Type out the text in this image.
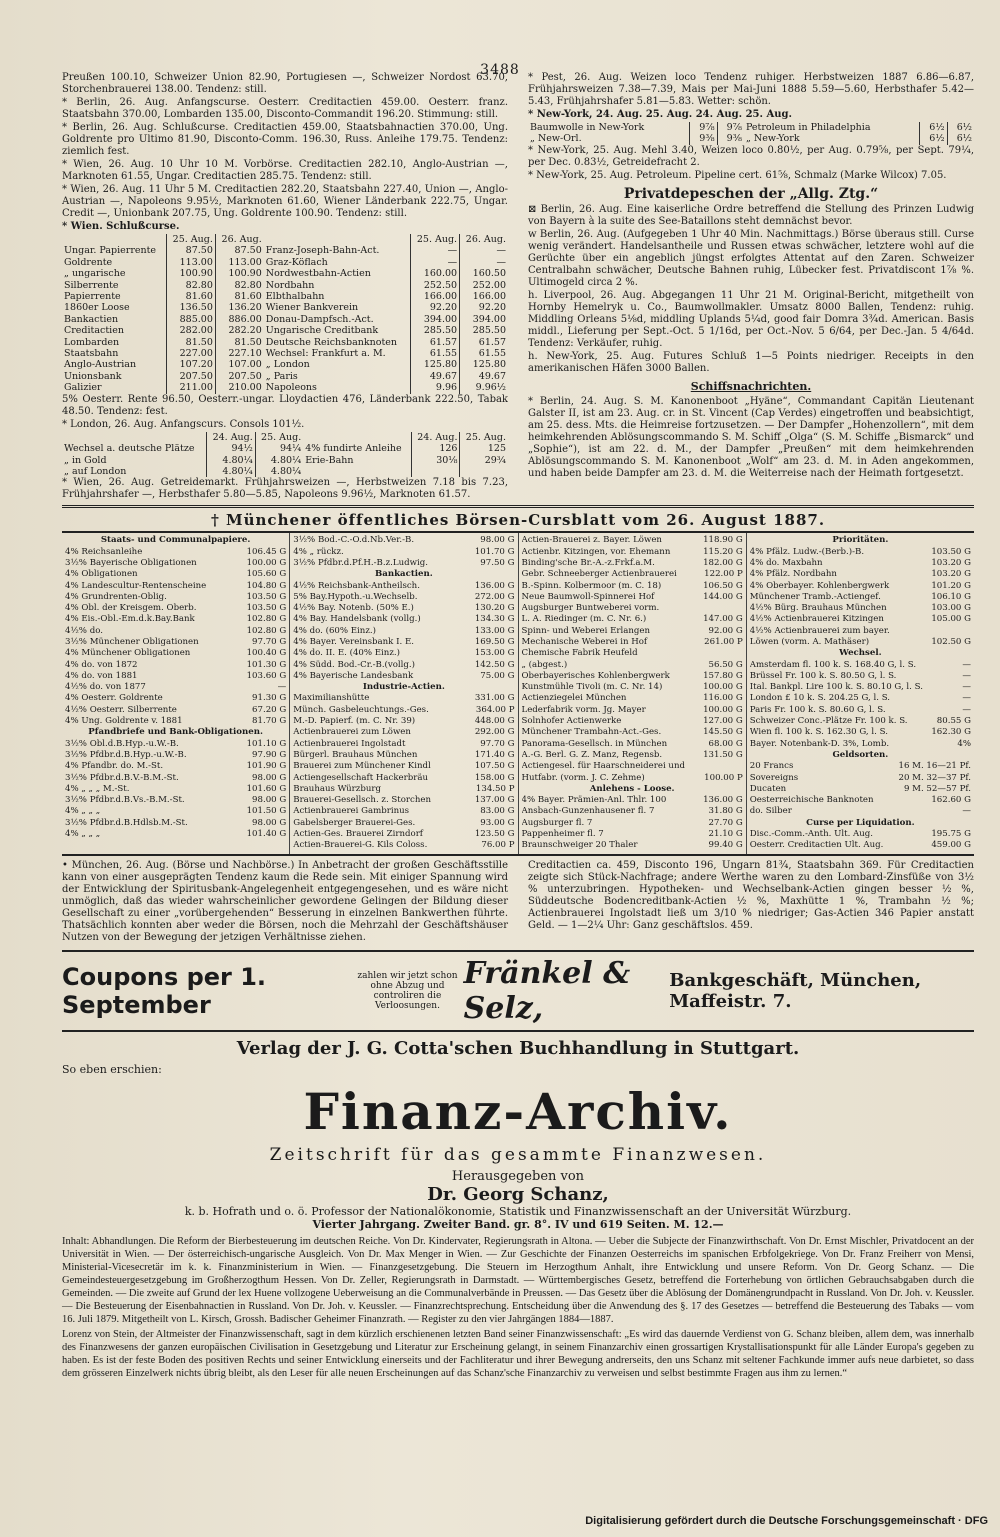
3488

Preußen 100.10, Schweizer Union 82.90, Portugiesen —, Schweizer Nordost 63.70, Storchenbrauerei 138.00. Tendenz: still.

* Berlin, 26. Aug. Anfangscurse. Oesterr. Creditactien 459.00. Oesterr. franz. Staatsbahn 370.00, Lombarden 135.00, Disconto-Commandit 196.20. Stimmung: still.

* Berlin, 26. Aug. Schlußcurse. Creditactien 459.00, Staatsbahnactien 370.00, Ung. Goldrente pro Ultimo 81.90, Disconto-Comm. 196.30, Russ. Anleihe 179.75. Tendenz: ziemlich fest.

* Wien, 26. Aug. 10 Uhr 10 M. Vorbörse. Creditactien 282.10, Anglo-Austrian —, Marknoten 61.55, Ungar. Creditactien 285.75. Tendenz: still.

* Wien, 26. Aug. 11 Uhr 5 M. Creditactien 282.20, Staatsbahn 227.40, Union —, Anglo-Austrian —, Napoleons 9.95½, Marknoten 61.60, Wiener Länderbank 222.75, Ungar. Credit —, Unionbank 207.75, Ung. Goldrente 100.90. Tendenz: still.

* Wien. Schlußcurse.

	25. Aug.	26. Aug.		25. Aug.	26. Aug.
Ungar. Papierrente	87.50	87.50	Franz-Joseph-Bahn-Act.	—	—
Goldrente	113.00	113.00	Graz-Köflach	—	—
„ ungarische	100.90	100.90	Nordwestbahn-Actien	160.00	160.50
Silberrente	82.80	82.80	Nordbahn	252.50	252.00
Papierrente	81.60	81.60	Elbthalbahn	166.00	166.00
1860er Loose	136.50	136.20	Wiener Bankverein	92.20	92.20
Bankactien	885.00	886.00	Donau-Dampfsch.-Act.	394.00	394.00
Creditactien	282.00	282.20	Ungarische Creditbank	285.50	285.50
Lombarden	81.50	81.50	Deutsche Reichsbanknoten	61.57	61.57
Staatsbahn	227.00	227.10	Wechsel: Frankfurt a. M.	61.55	61.55
Anglo-Austrian	107.20	107.00	„ London	125.80	125.80
Unionsbank	207.50	207.50	„ Paris	49.67	49.67
Galizier	211.00	210.00	Napoleons	9.96	9.96½

5% Oesterr. Rente 96.50, Oesterr.-ungar. Lloydactien 476, Länderbank 222.50, Tabak 48.50. Tendenz: fest.

* London, 26. Aug. Anfangscurs. Consols 101½.

	24. Aug.	25. Aug.		24. Aug.	25. Aug.
Wechsel a. deutsche Plätze	94½	94¼	4% fundirte Anleihe	126	125
„ in Gold	4.80¼	4.80¼	Erie-Bahn	30⅛	29¾
„ auf London	4.80¼	4.80¼			

* Wien, 26. Aug. Getreidemarkt. Frühjahrsweizen —, Herbstweizen 7.18 bis 7.23, Frühjahrshafer —, Herbsthafer 5.80—5.85, Napoleons 9.96½, Marknoten 61.57.

* Pest, 26. Aug. Weizen loco Tendenz ruhiger. Herbstweizen 1887 6.86—6.87, Frühjahrsweizen 7.38—7.39, Mais per Mai-Juni 1888 5.59—5.60, Herbsthafer 5.42—5.43, Frühjahrshafer 5.81—5.83. Wetter: schön.

* New-York, 24. Aug. 25. Aug. 24. Aug. 25. Aug.

Baumwolle in New-York	9⅞	9⅞	Petroleum in Philadelphia	6½	6½
„ New-Orl.	9⅜	9⅜	„ New-York	6½	6½

* New-York, 25. Aug. Mehl 3.40, Weizen loco 0.80½, per Aug. 0.79⅝, per Sept. 79¼, per Dec. 0.83½, Getreidefracht 2.

* New-York, 25. Aug. Petroleum. Pipeline cert. 61⅝, Schmalz (Marke Wilcox) 7.05.

Privatdepeschen der „Allg. Ztg.“

⊠ Berlin, 26. Aug. Eine kaiserliche Ordre betreffend die Stellung des Prinzen Ludwig von Bayern à la suite des See-Bataillons steht demnächst bevor.

w Berlin, 26. Aug. (Aufgegeben 1 Uhr 40 Min. Nachmittags.) Börse überaus still. Curse wenig verändert. Handelsantheile und Russen etwas schwächer, letztere wohl auf die Gerüchte über ein angeblich jüngst erfolgtes Attentat auf den Zaren. Schweizer Centralbahn schwächer, Deutsche Bahnen ruhig, Lübecker fest. Privatdiscont 1⅞ %. Ultimogeld circa 2 %.

h. Liverpool, 26. Aug. Abgegangen 11 Uhr 21 M. Original-Bericht, mitgetheilt von Hornby Hemelryk u. Co., Baumwollmakler. Umsatz 8000 Ballen, Tendenz: ruhig. Middling Orleans 5⅛d, middling Uplands 5¼d, good fair Domra 3¾d. American. Basis middl., Lieferung per Sept.-Oct. 5 1/16d, per Oct.-Nov. 5 6/64, per Dec.-Jan. 5 4/64d. Tendenz: Verkäufer, ruhig.

h. New-York, 25. Aug. Futures Schluß 1—5 Points niedriger. Receipts in den amerikanischen Häfen 3000 Ballen.

Schiffsnachrichten.

* Berlin, 24. Aug. S. M. Kanonenboot „Hyäne“, Commandant Capitän Lieutenant Galster II, ist am 23. Aug. cr. in St. Vincent (Cap Verdes) eingetroffen und beabsichtigt, am 25. dess. Mts. die Heimreise fortzusetzen. — Der Dampfer „Hohenzollern“, mit dem heimkehrenden Ablösungscommando S. M. Schiff „Olga“ (S. M. Schiffe „Bismarck“ und „Sophie“), ist am 22. d. M., der Dampfer „Preußen“ mit dem heimkehrenden Ablösungscommando S. M. Kanonenboot „Wolf“ am 23. d. M. in Aden angekommen, und haben beide Dampfer am 23. d. M. die Weiterreise nach der Heimath fortgesetzt.

† Münchener öffentliches Börsen-Cursblatt vom 26. August 1887.
Staats- und Communalpapiere.
4% Reichsanleihe	106.45 G
3½% Bayerische Obligationen	100.00 G
4% Obligationen	105.60 G
4% Landescultur-Rentenscheine	104.80 G
4% Grundrenten-Oblig.	103.50 G
4% Obl. der Kreisgem. Oberb.	103.50 G
4% Eis.-Obl.-Em.d.k.Bay.Bank	102.80 G
4½% do.	102.80 G
3½% Münchener Obligationen	97.70 G
4% Münchener Obligationen	100.40 G
4% do. von 1872	101.30 G
4% do. von 1881	103.60 G
4½% do. von 1877	—
4% Oesterr. Goldrente	91.30 G
4½% Oesterr. Silberrente	67.20 G
4% Ung. Goldrente v. 1881	81.70 G
Pfandbriefe und Bank-Obligationen.
3½% Obl.d.B.Hyp.-u.W.-B.	101.10 G
3½% Pfdbr.d.B.Hyp.-u.W.-B.	97.90 G
4% Pfandbr. do. M.-St.	101.90 G
3½% Pfdbr.d.B.V.-B.M.-St.	98.00 G
4% „ „ „ M.-St.	101.60 G
3½% Pfdbr.d.B.Vs.-B.M.-St.	98.00 G
4% „ „ „	101.50 G
3½% Pfdbr.d.B.Hdlsb.M.-St.	98.00 G
4% „ „ „	101.40 G
3½% Bod.-C.-O.d.Nb.Ver.-B.	98.00 G
4% „ rückz.	101.70 G
3½% Pfdbr.d.Pf.H.-B.z.Ludwig.	97.50 G
Bankactien.
4½% Reichsbank-Antheilsch.	136.00 G
5% Bay.Hypoth.-u.Wechselb.	272.00 G
4½% Bay. Notenb. (50% E.)	130.20 G
4% Bay. Handelsbank (vollg.)	134.30 G
4% do. (60% Einz.)	133.00 G
4% Bayer. Vereinsbank I. E.	169.50 G
4% do. II. E. (40% Einz.)	153.00 G
4% Südd. Bod.-Cr.-B.(vollg.)	142.50 G
4% Bayerische Landesbank	75.00 G
Industrie-Actien.
Maximilianshütte	331.00 G
Münch. Gasbeleuchtungs.-Ges.	364.00 P
M.-D. Papierf. (m. C. Nr. 39)	448.00 G
Actienbrauerei zum Löwen	292.00 G
Actienbrauerei Ingolstadt	97.70 G
Bürgerl. Brauhaus München	171.40 G
Brauerei zum Münchener Kindl	107.50 G
Actiengesellschaft Hackerbräu	158.00 G
Brauhaus Würzburg	134.50 P
Brauerei-Gesellsch. z. Storchen	137.00 G
Actienbrauerei Gambrinus	83.00 G
Gabelsberger Brauerei-Ges.	93.00 G
Actien-Ges. Brauerei Zirndorf	123.50 G
Actien-Brauerei-G. Kils Coloss.	76.00 P
Actien-Brauerei z. Bayer. Löwen	118.90 G
Actienbr. Kitzingen, vor. Ehemann	115.20 G
Binding'sche Br.-A.-z.Frkf.a.M.	182.00 G
Gebr. Schneeberger Actienbrauerei	122.00 P
B.-Spinn. Kolbermoor (m. C. 18)	106.50 G
Neue Baumwoll-Spinnerei Hof	144.00 G
Augsburger Buntweberei vorm.
L. A. Riedinger (m. C. Nr. 6.)	147.00 G
Spinn- und Weberei Erlangen	92.00 G
Mechanische Weberei in Hof	261.00 P
Chemische Fabrik Heufeld
„ (abgest.)	56.50 G
Oberbayerisches Kohlenbergwerk	157.80 G
Kunstmühle Tivoli (m. C. Nr. 14)	100.00 G
Actienziegelei München	116.00 G
Lederfabrik vorm. Jg. Mayer	100.00 G
Solnhofer Actienwerke	127.00 G
Münchener Trambahn-Act.-Ges.	145.50 G
Panorama-Gesellsch. in München	68.00 G
A.-G. Berl. G. Z. Manz, Regensb.	131.50 G
Actiengesel. für Haarschneiderei und
Hutfabr. (vorm. J. C. Zehme)	100.00 P
Anlehens - Loose.
4% Bayer. Prämien-Anl. Thlr. 100	136.00 G
Ansbach-Gunzenhausener fl. 7	31.80 G
Augsburger fl. 7	27.70 G
Pappenheimer fl. 7	21.10 G
Braunschweiger 20 Thaler	99.40 G
Prioritäten.
4% Pfälz. Ludw.-(Berb.)-B.	103.50 G
4% do. Maxbahn	103.20 G
4% Pfälz. Nordbahn	103.20 G
4% Oberbayer. Kohlenbergwerk	101.20 G
Münchener Tramb.-Actiengef.	106.10 G
4½% Bürg. Brauhaus München	103.00 G
4½% Actienbrauerei Kitzingen	105.00 G
4½% Actienbrauerei zum bayer.
Löwen (vorm. A. Mathäser)	102.50 G
Wechsel.
Amsterdam fl. 100 k. S. 168.40 G, l. S.	—
Brüssel Fr. 100 k. S. 80.50 G, l. S.	—
Ital. Bankpl. Lire 100 k. S. 80.10 G, l. S.	—
London £ 10 k. S. 204.25 G, l. S.	—
Paris Fr. 100 k. S. 80.60 G, l. S.	—
Schweizer Conc.-Plätze Fr. 100 k. S.	80.55 G
Wien fl. 100 k. S. 162.30 G, l. S.	162.30 G
Bayer. Notenbank-D. 3%, Lomb.	4%
Geldsorten.
20 Francs	16 M. 16—21 Pf.
Sovereigns	20 M. 32—37 Pf.
Ducaten	9 M. 52—57 Pf.
Oesterreichische Banknoten	162.60 G
do. Silber	—
Curse per Liquidation.
Disc.-Comm.-Anth. Ult. Aug.	195.75 G
Oesterr. Creditactien Ult. Aug.	459.00 G

• München, 26. Aug. (Börse und Nachbörse.) In Anbetracht der großen Geschäftsstille kann von einer ausgeprägten Tendenz kaum die Rede sein. Mit einiger Spannung wird der Entwicklung der Spiritusbank-Angelegenheit entgegengesehen, und es wäre nicht unmöglich, daß das wieder wahrscheinlicher gewordene Gelingen der Bildung dieser Gesellschaft zu einer „vorübergehenden“ Besserung in einzelnen Bankwerthen führte. Thatsächlich konnten aber weder die Börsen, noch die Mehrzahl der Geschäftshäuser Nutzen von der Bewegung der jetzigen Verhältnisse ziehen.

Creditactien ca. 459, Disconto 196, Ungarn 81¾, Staatsbahn 369. Für Creditactien zeigte sich Stück-Nachfrage; andere Werthe waren zu den Lombard-Zinsfüße von 3½ % unterzubringen. Hypotheken- und Wechselbank-Actien gingen besser ½ %, Süddeutsche Bodencreditbank-Actien ½ %, Maxhütte 1 %, Trambahn ½ %; Actienbrauerei Ingolstadt ließ um 3/10 % niedriger; Gas-Actien 346 Papier anstatt Geld. — 1—2¼ Uhr: Ganz geschäftslos. 459.

Coupons per 1. September
zahlen wir jetzt schon ohne Abzug und controliren die Verloosungen.
Fränkel & Selz,
Bankgeschäft, München, Maffeistr. 7.
Verlag der J. G. Cotta'schen Buchhandlung in Stuttgart.
So eben erschien:
Finanz-Archiv.
Zeitschrift für das gesammte Finanzwesen.
Herausgegeben von
Dr. Georg Schanz,
k. b. Hofrath und o. ö. Professor der Nationalökonomie, Statistik und Finanzwissenschaft an der Universität Würzburg.
Vierter Jahrgang. Zweiter Band. gr. 8°. IV und 619 Seiten. M. 12.—

Inhalt: Abhandlungen. Die Reform der Bierbesteuerung im deutschen Reiche. Von Dr. Kindervater, Regierungsrath in Altona. — Ueber die Subjecte der Finanzwirthschaft. Von Dr. Ernst Mischler, Privatdocent an der Universität in Wien. — Der österreichisch-ungarische Ausgleich. Von Dr. Max Menger in Wien. — Zur Geschichte der Finanzen Oesterreichs im spanischen Erbfolgekriege. Von Dr. Franz Freiherr von Mensi, Ministerial-Vicesecretär im k. k. Finanzministerium in Wien. — Finanzgesetzgebung. Die Steuern im Herzogthum Anhalt, ihre Entwicklung und unsere Reform. Von Dr. Georg Schanz. — Die Gemeindesteuergesetzgebung im Großherzogthum Hessen. Von Dr. Zeller, Regierungsrath in Darmstadt. — Württembergisches Gesetz, betreffend die Forterhebung von örtlichen Gebrauchsabgaben durch die Gemeinden. — Die zweite auf Grund der lex Huene vollzogene Ueberweisung an die Communalverbände in Preussen. — Das Gesetz über die Ablösung der Domänengrundpacht in Russland. Von Dr. Joh. v. Keussler. — Die Besteuerung der Eisenbahnactien in Russland. Von Dr. Joh. v. Keussler. — Finanzrechtsprechung. Entscheidung über die Anwendung des §. 17 des Gesetzes — betreffend die Besteuerung des Tabaks — vom 16. Juli 1879. Mitgetheilt von L. Kirsch, Grossh. Badischer Geheimer Finanzrath. — Register zu den vier Jahrgängen 1884—1887.

Lorenz von Stein, der Altmeister der Finanzwissenschaft, sagt in dem kürzlich erschienenen letzten Band seiner Finanzwissenschaft: „Es wird das dauernde Verdienst von G. Schanz bleiben, allem dem, was innerhalb des Finanzwesens der ganzen europäischen Civilisation in Gesetzgebung und Literatur zur Erscheinung gelangt, in seinem Finanzarchiv einen grossartigen Krystallisationspunkt für alle Länder Europa's gegeben zu haben. Es ist der feste Boden des positiven Rechts und seiner Entwicklung einerseits und der Fachliteratur und ihrer Bewegung andrerseits, den uns Schanz mit seltener Fachkunde immer aufs neue darbietet, so dass dem grösseren Einzelwerk nichts übrig bleibt, als den Leser für alle neuen Erscheinungen auf das Schanz'sche Finanzarchiv zu verweisen und selbst bestimmte Fragen aus ihm zu lernen.“

Digitalisierung gefördert durch die Deutsche Forschungsgemeinschaft · DFG
